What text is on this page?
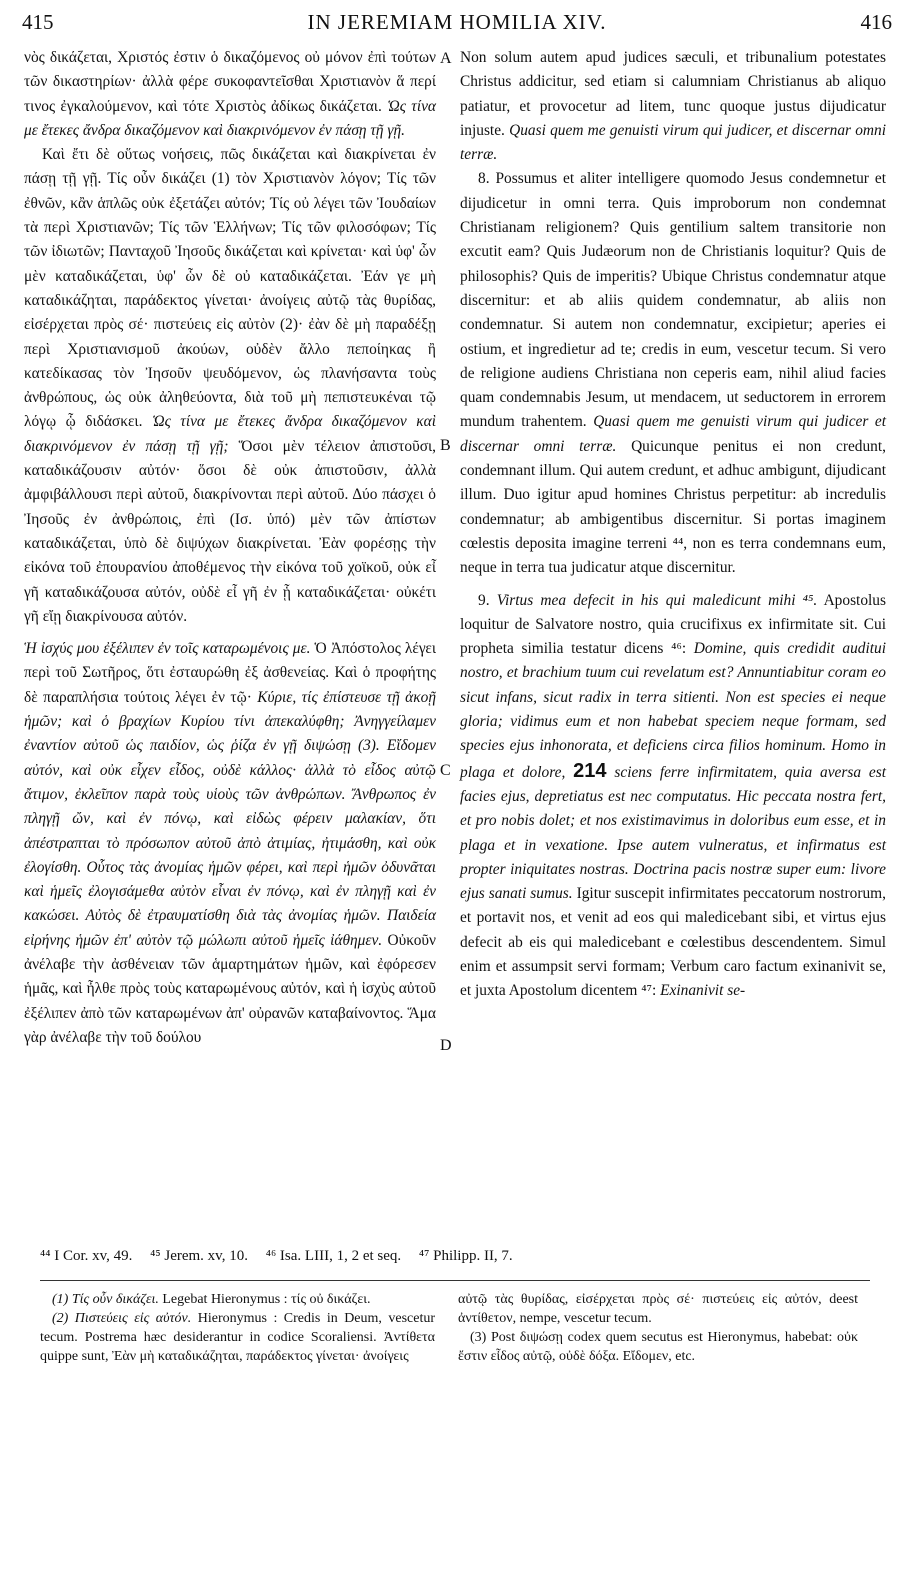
415	IN JEREMIAM HOMILIA XIV.	416

νὸς δικάζεται, Χριστός ἐστιν ὁ δικαζόμενος οὐ μόνον ἐπὶ τούτων τῶν δικαστηρίων· ἀλλὰ φέρε συκοφαντεῖσθαι Χριστιανὸν ἅ περί τινος ἐγκαλούμενον, καὶ τότε Χριστὸς ἀδίκως δικάζεται. Ὡς τίνα με ἔτεκες ἄνδρα δικαζόμενον καὶ διακρινόμενον ἐν πάσῃ τῇ γῇ.

Καὶ ἔτι δὲ οὕτως νοήσεις, πῶς δικάζεται καὶ διακρίνεται ἐν πάσῃ τῇ γῇ. Τίς οὖν δικάζει (1) τὸν Χριστιανὸν λόγον; Τίς τῶν ἐθνῶν, κἂν ἁπλῶς οὐκ ἐξετάζει αὐτόν; Τίς οὐ λέγει τῶν Ἰουδαίων τὰ περὶ Χριστιανῶν; Τίς τῶν Ἑλλήνων; Τίς τῶν φιλοσόφων; Τίς τῶν ἰδιωτῶν; Πανταχοῦ Ἰησοῦς δικάζεται καὶ κρίνεται· καὶ ὑφ' ὧν μὲν καταδικάζεται, ὑφ' ὧν δὲ οὐ καταδικάζεται. Ἐάν γε μὴ καταδικάζηται, παράδεκτος γίνεται· ἀνοίγεις αὐτῷ τὰς θυρίδας, εἰσέρχεται πρὸς σέ· πιστεύεις εἰς αὐτὸν (2)· ἐὰν δὲ μὴ παραδέξῃ περὶ Χριστιανισμοῦ ἀκούων, οὐδὲν ἄλλο πεποίηκας ἢ κατεδίκασας τὸν Ἰησοῦν ψευδόμενον, ὡς πλανήσαντα τοὺς ἀνθρώπους, ὡς οὐκ ἀληθεύοντα, διὰ τοῦ μὴ πεπιστευκέναι τῷ λόγῳ ᾧ διδάσκει. Ὡς τίνα με ἔτεκες ἄνδρα δικαζόμενον καὶ διακρινόμενον ἐν πάσῃ τῇ γῇ; Ὅσοι μὲν τέλειον ἀπιστοῦσι, καταδικάζουσιν αὐτόν· ὅσοι δὲ οὐκ ἀπιστοῦσιν, ἀλλὰ ἀμφιβάλλουσι περὶ αὐτοῦ, διακρίνονται περὶ αὐτοῦ. Δύο πάσχει ὁ Ἰησοῦς ἐν ἀνθρώποις, ἐπὶ (Ισ. ὑπό) μὲν τῶν ἀπίστων καταδικάζεται, ὑπὸ δὲ διψύχων διακρίνεται. Ἐὰν φορέσῃς τὴν εἰκόνα τοῦ ἐπουρανίου ἀποθέμενος τὴν εἰκόνα τοῦ χοϊκοῦ, οὐκ εἶ γῆ καταδικάζουσα αὐτόν, οὐδὲ εἶ γῆ ἐν ᾗ καταδικάζεται· οὐκέτι γῆ εἴῃ διακρίνουσα αὐτόν.

Ἡ ἰσχύς μου ἐξέλιπεν ἐν τοῖς καταρωμένοις με. Ὁ Ἀπόστολος λέγει περὶ τοῦ Σωτῆρος, ὅτι ἐσταυρώθη ἐξ ἀσθενείας. Καὶ ὁ προφήτης δὲ παραπλήσια τούτοις λέγει ἐν τῷ· Κύριε, τίς ἐπίστευσε τῇ ἀκοῇ ἡμῶν; καὶ ὁ βραχίων Κυρίου τίνι ἀπεκαλύφθη; Ἀνηγγείλαμεν ἐναντίον αὐτοῦ ὡς παιδίον, ὡς ῥίζα ἐν γῇ διψώσῃ (3). Εἴδομεν αὐτόν, καὶ οὐκ εἶχεν εἶδος, οὐδὲ κάλλος· ἀλλὰ τὸ εἶδος αὐτῷ ἄτιμον, ἐκλεῖπον παρὰ τοὺς υἱοὺς τῶν ἀνθρώπων. Ἄνθρωπος ἐν πληγῇ ὤν, καὶ ἐν πόνῳ, καὶ εἰδὼς φέρειν μαλακίαν, ὅτι ἀπέστραπται τὸ πρόσωπον αὐτοῦ ἀπὸ ἀτιμίας, ἠτιμάσθη, καὶ οὐκ ἐλογίσθη. Οὗτος τὰς ἀνομίας ἡμῶν φέρει, καὶ περὶ ἡμῶν ὀδυνᾶται καὶ ἡμεῖς ἐλογισάμεθα αὐτὸν εἶναι ἐν πόνῳ, καὶ ἐν πληγῇ καὶ ἐν κακώσει. Αὐτὸς δὲ ἐτραυματίσθη διὰ τὰς ἀνομίας ἡμῶν. Παιδεία εἰρήνης ἡμῶν ἐπ' αὐτὸν τῷ μώλωπι αὐτοῦ ἡμεῖς ἰάθημεν. Οὐκοῦν ἀνέλαβε τὴν ἀσθένειαν τῶν ἁμαρτημάτων ἡμῶν, καὶ ἐφόρεσεν ἡμᾶς, καὶ ἦλθε πρὸς τοὺς καταρωμένους αὐτόν, καὶ ἡ ἰσχὺς αὐτοῦ ἐξέλιπεν ἀπὸ τῶν καταρωμένων ἀπ' οὐρανῶν καταβαίνοντος. Ἅμα γὰρ ἀνέλαβε τὴν τοῦ δούλου

A
B
C
D

Non solum autem apud judices sæculi, et tribunalium potestates Christus addicitur, sed etiam si calumniam Christianus ab aliquo patiatur, et provocetur ad litem, tunc quoque justus dijudicatur injuste. Quasi quem me genuisti virum qui judicer, et discernar omni terræ.

8. Possumus et aliter intelligere quomodo Jesus condemnetur et dijudicetur in omni terra. Quis improborum non condemnat Christianam religionem? Quis gentilium saltem transitorie non excutit eam? Quis Judæorum non de Christianis loquitur? Quis de philosophis? Quis de imperitis? Ubique Christus condemnatur atque discernitur: et ab aliis quidem condemnatur, ab aliis non condemnatur. Si autem non condemnatur, excipietur; aperies ei ostium, et ingredietur ad te; credis in eum, vescetur tecum. Si vero de religione audiens Christiana non ceperis eam, nihil aliud facies quam condemnabis Jesum, ut mendacem, ut seductorem in errorem mundum trahentem. Quasi quem me genuisti virum qui judicer et discernar omni terræ. Quicunque penitus ei non credunt, condemnant illum. Qui autem credunt, et adhuc ambigunt, dijudicant illum. Duo igitur apud homines Christus perpetitur: ab incredulis condemnatur; ab ambigentibus discernitur. Si portas imaginem cœlestis deposita imagine terreni ⁴⁴, non es terra condemnans eum, neque in terra tua judicatur atque discernitur.

9. Virtus mea defecit in his qui maledicunt mihi ⁴⁵. Apostolus loquitur de Salvatore nostro, quia crucifixus ex infirmitate sit. Cui propheta similia testatur dicens ⁴⁶: Domine, quis credidit auditui nostro, et brachium tuum cui revelatum est? Annuntiabitur coram eo sicut infans, sicut radix in terra sitienti. Non est species ei neque gloria; vidimus eum et non habebat speciem neque formam, sed species ejus inhonorata, et deficiens circa filios hominum. Homo in plaga et dolore, 214 sciens ferre infirmitatem, quia aversa est facies ejus, depretiatus est nec computatus. Hic peccata nostra fert, et pro nobis dolet; et nos existimavimus in doloribus eum esse, et in plaga et in vexatione. Ipse autem vulneratus, et infirmatus est propter iniquitates nostras. Doctrina pacis nostræ super eum: livore ejus sanati sumus. Igitur suscepit infirmitates peccatorum nostrorum, et portavit nos, et venit ad eos qui maledicebant sibi, et virtus ejus defecit ab eis qui maledicebant e cœlestibus descendentem. Simul enim et assumpsit servi formam; Verbum caro factum exinanivit se, et juxta Apostolum dicentem ⁴⁷: Exinanivit se-

⁴⁴ I Cor. xv, 49. ⁴⁵ Jerem. xv, 10. ⁴⁶ Isa. LIII, 1, 2 et seq. ⁴⁷ Philipp. II, 7.

(1) Τίς οὖν δικάζει. Legebat Hieronymus : τίς οὐ δικάζει.

(2) Πιστεύεις εἰς αὐτόν. Hieronymus : Credis in Deum, vescetur tecum. Postrema hæc desiderantur in codice Scoraliensi. Ἀντίθετα quippe sunt, Ἐὰν μὴ καταδικάζηται, παράδεκτος γίνεται· ἀνοίγεις

αὐτῷ τὰς θυρίδας, εἰσέρχεται πρὸς σέ· πιστεύεις εἰς αὐτόν, deest ἀντίθετον, nempe, vescetur tecum.

(3) Post διψώσῃ codex quem secutus est Hieronymus, habebat: οὐκ ἔστιν εἶδος αὐτῷ, οὐδὲ δόξα. Εἴδομεν, etc.
